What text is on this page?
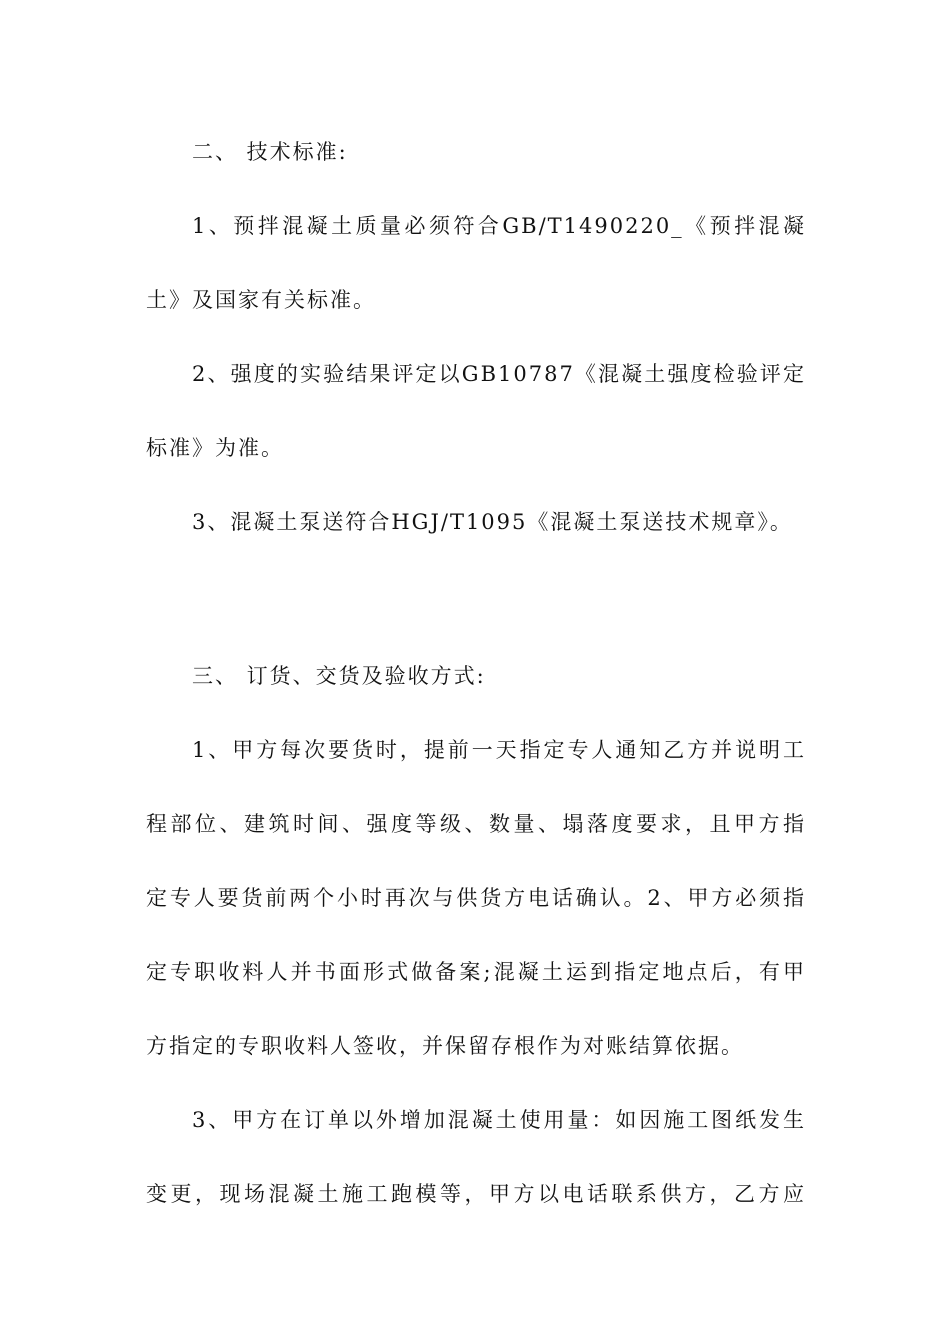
二、 技术标准:
1、预拌混凝土质量必须符合GB/T1490220_《预拌混凝
土》及国家有关标准。
2、强度的实验结果评定以GB10787《混凝土强度检验评定
标准》为准。
3、混凝土泵送符合HGJ/T1095《混凝土泵送技术规章》。
三、 订货、交货及验收方式:
1、甲方每次要货时，提前一天指定专人通知乙方并说明工
程部位、建筑时间、强度等级、数量、塌落度要求，且甲方指
定专人要货前两个小时再次与供货方电话确认。2、甲方必须指
定专职收料人并书面形式做备案;混凝土运到指定地点后，有甲
方指定的专职收料人签收，并保留存根作为对账结算依据。
3、甲方在订单以外增加混凝土使用量：如因施工图纸发生
变更，现场混凝土施工跑模等，甲方以电话联系供方，乙方应
